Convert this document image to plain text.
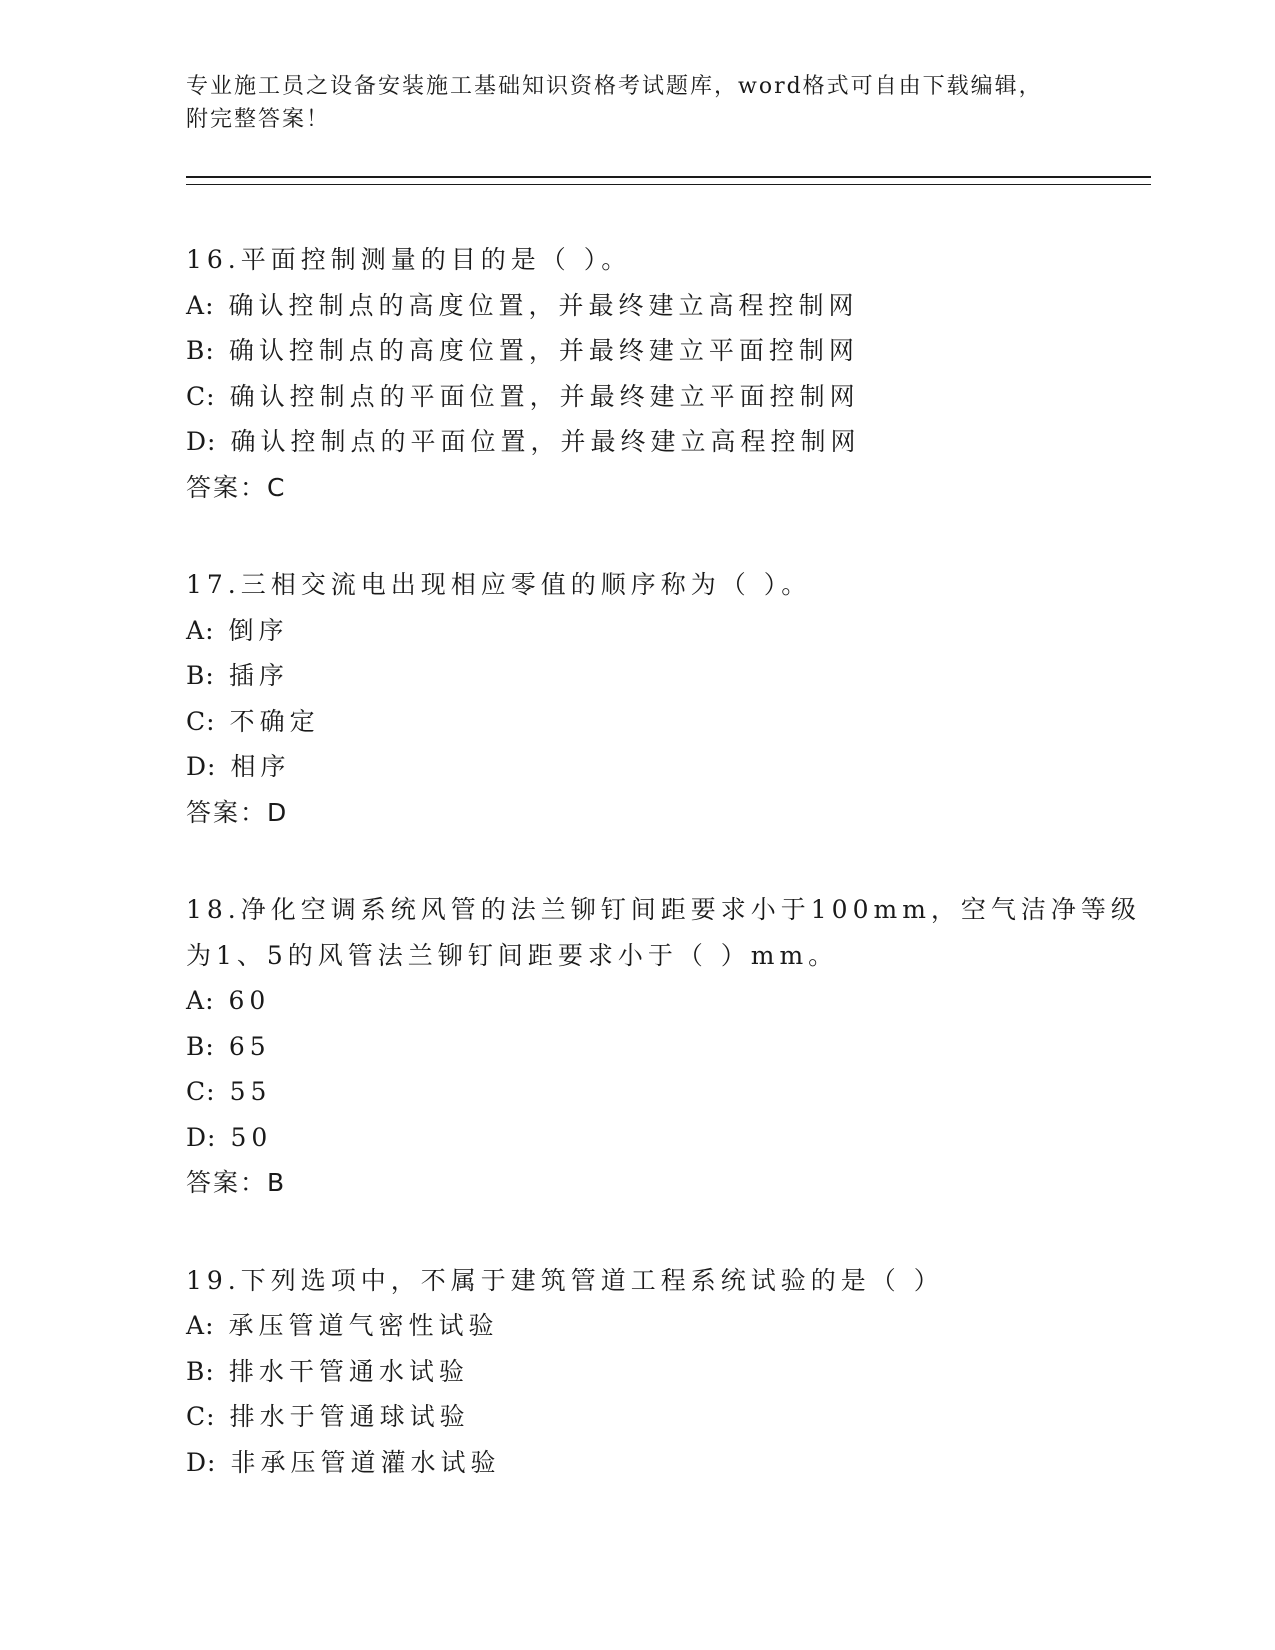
专业施工员之设备安装施工基础知识资格考试题库，word格式可自由下载编辑，
附完整答案！

16.平面控制测量的目的是（ ）。

A: 确认控制点的高度位置，并最终建立高程控制网

B: 确认控制点的高度位置，并最终建立平面控制网

C: 确认控制点的平面位置，并最终建立平面控制网

D: 确认控制点的平面位置，并最终建立高程控制网

答案：C

17.三相交流电出现相应零值的顺序称为（ ）。

A: 倒序

B: 插序

C: 不确定

D: 相序

答案：D

18.净化空调系统风管的法兰铆钉间距要求小于100mm，空气洁净等级

为1、5的风管法兰铆钉间距要求小于（ ）mm。

A: 60

B: 65

C: 55

D: 50

答案：B

19.下列选项中，不属于建筑管道工程系统试验的是（ ）

A: 承压管道气密性试验

B: 排水干管通水试验

C: 排水于管通球试验

D: 非承压管道灌水试验
